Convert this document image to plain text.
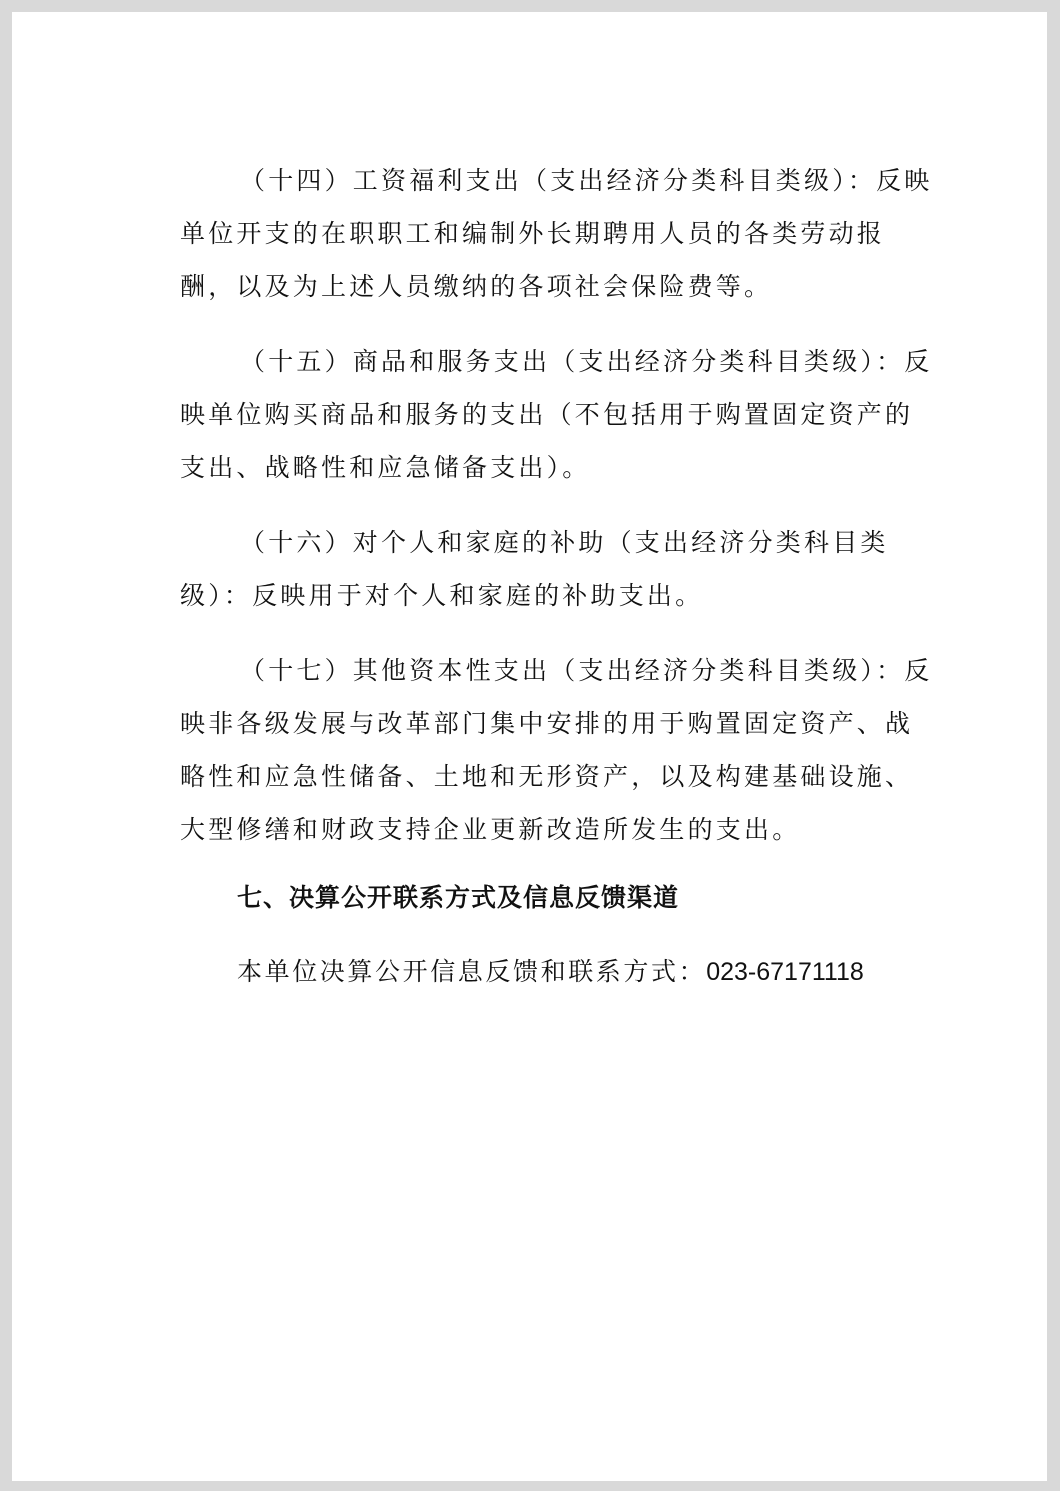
（十四）工资福利支出（支出经济分类科目类级）：反映单位开支的在职职工和编制外长期聘用人员的各类劳动报酬，以及为上述人员缴纳的各项社会保险费等。

（十五）商品和服务支出（支出经济分类科目类级）：反映单位购买商品和服务的支出（不包括用于购置固定资产的支出、战略性和应急储备支出）。

（十六）对个人和家庭的补助（支出经济分类科目类级）：反映用于对个人和家庭的补助支出。

（十七）其他资本性支出（支出经济分类科目类级）：反映非各级发展与改革部门集中安排的用于购置固定资产、战略性和应急性储备、土地和无形资产，以及构建基础设施、大型修缮和财政支持企业更新改造所发生的支出。

七、决算公开联系方式及信息反馈渠道
本单位决算公开信息反馈和联系方式：023-67171118
